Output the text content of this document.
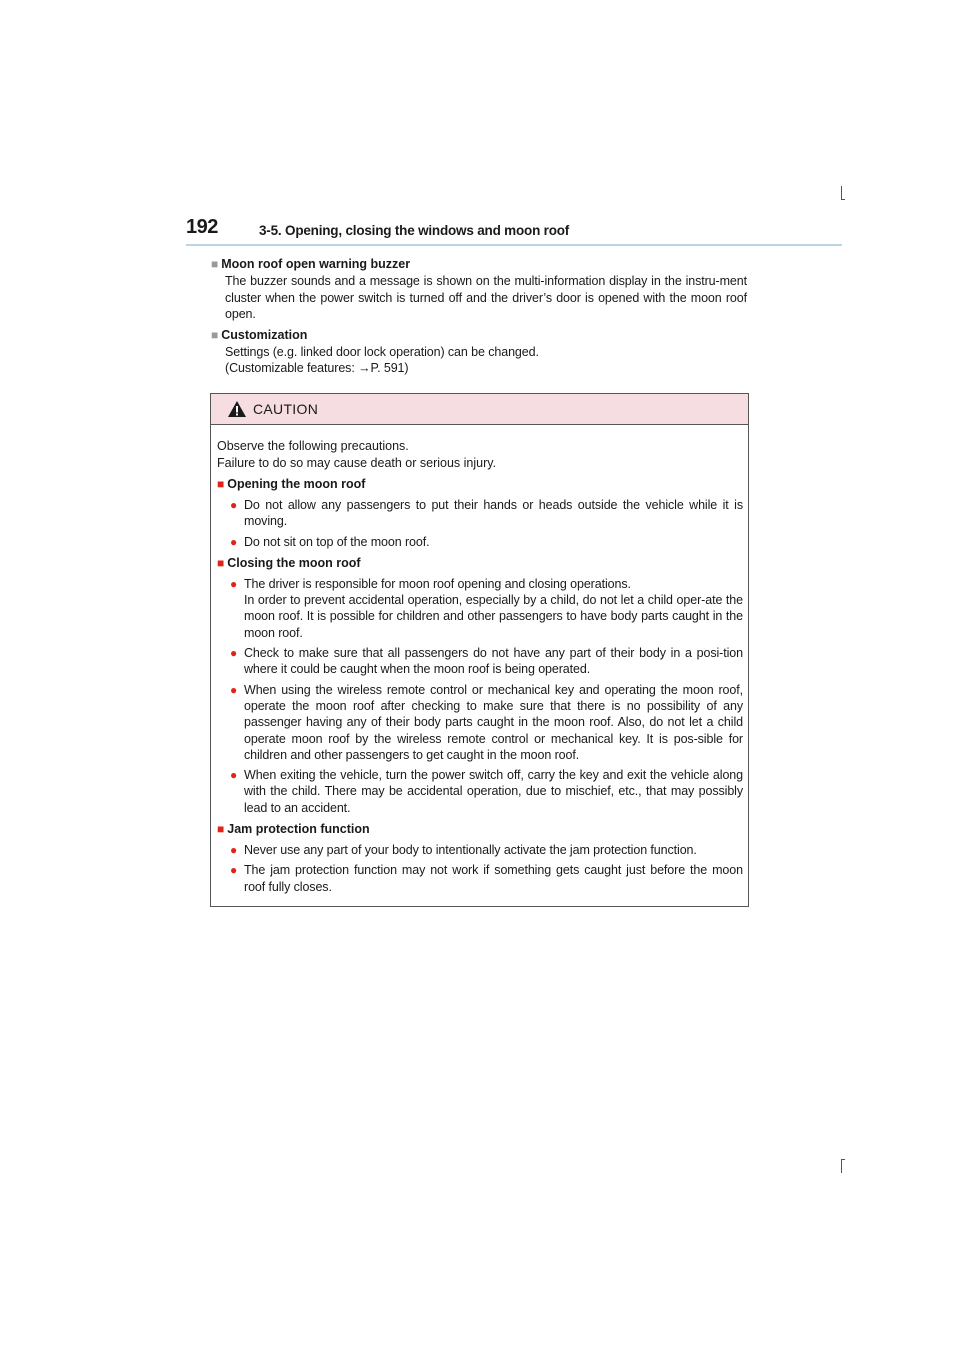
192	3-5. Opening, closing the windows and moon roof
■ Moon roof open warning buzzer
The buzzer sounds and a message is shown on the multi-information display in the instru-ment cluster when the power switch is turned off and the driver’s door is opened with the moon roof open.
■ Customization
Settings (e.g. linked door lock operation) can be changed.
(Customizable features: →P. 591)
CAUTION

Observe the following precautions.
Failure to do so may cause death or serious injury.

■ Opening the moon roof
● Do not allow any passengers to put their hands or heads outside the vehicle while it is moving.
● Do not sit on top of the moon roof.
■ Closing the moon roof
● The driver is responsible for moon roof opening and closing operations.
In order to prevent accidental operation, especially by a child, do not let a child oper-ate the moon roof. It is possible for children and other passengers to have body parts caught in the moon roof.
● Check to make sure that all passengers do not have any part of their body in a posi-tion where it could be caught when the moon roof is being operated.
● When using the wireless remote control or mechanical key and operating the moon roof, operate the moon roof after checking to make sure that there is no possibility of any passenger having any of their body parts caught in the moon roof. Also, do not let a child operate moon roof by the wireless remote control or mechanical key. It is pos-sible for children and other passengers to get caught in the moon roof.
● When exiting the vehicle, turn the power switch off, carry the key and exit the vehicle along with the child. There may be accidental operation, due to mischief, etc., that may possibly lead to an accident.
■ Jam protection function
● Never use any part of your body to intentionally activate the jam protection function.
● The jam protection function may not work if something gets caught just before the moon roof fully closes.
